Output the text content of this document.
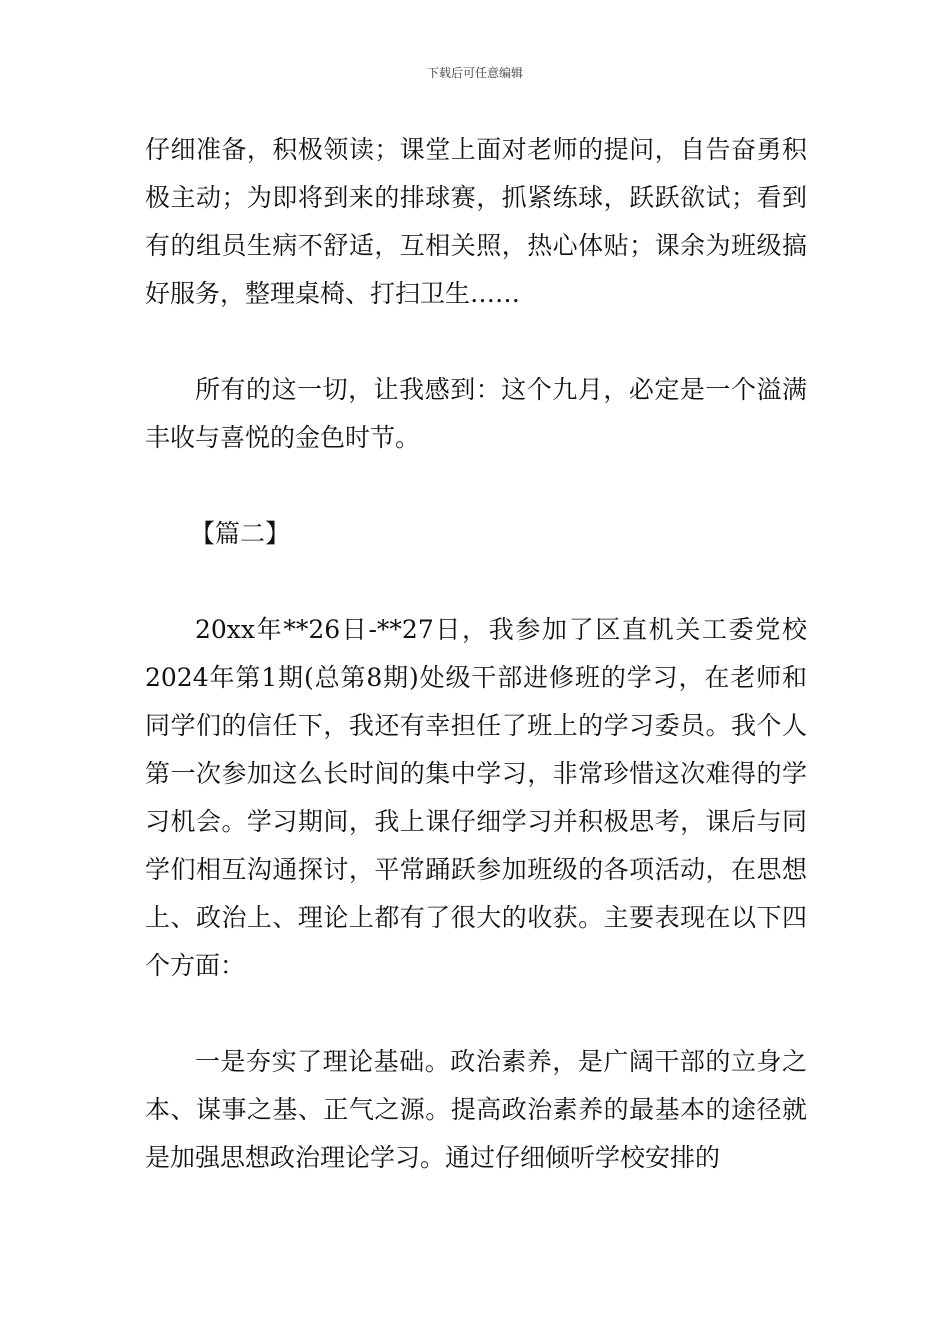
下载后可任意编辑

仔细准备，积极领读；课堂上面对老师的提问，自告奋勇积极主动；为即将到来的排球赛，抓紧练球，跃跃欲试；看到有的组员生病不舒适，互相关照，热心体贴；课余为班级搞好服务，整理桌椅、打扫卫生……

所有的这一切，让我感到：这个九月，必定是一个溢满丰收与喜悦的金色时节。

【篇二】

20xx年**26日-**27日，我参加了区直机关工委党校2024年第1期(总第8期)处级干部进修班的学习，在老师和同学们的信任下，我还有幸担任了班上的学习委员。我个人第一次参加这么长时间的集中学习，非常珍惜这次难得的学习机会。学习期间，我上课仔细学习并积极思考，课后与同学们相互沟通探讨，平常踊跃参加班级的各项活动，在思想上、政治上、理论上都有了很大的收获。主要表现在以下四个方面：

一是夯实了理论基础。政治素养，是广阔干部的立身之本、谋事之基、正气之源。提高政治素养的最基本的途径就是加强思想政治理论学习。通过仔细倾听学校安排的
